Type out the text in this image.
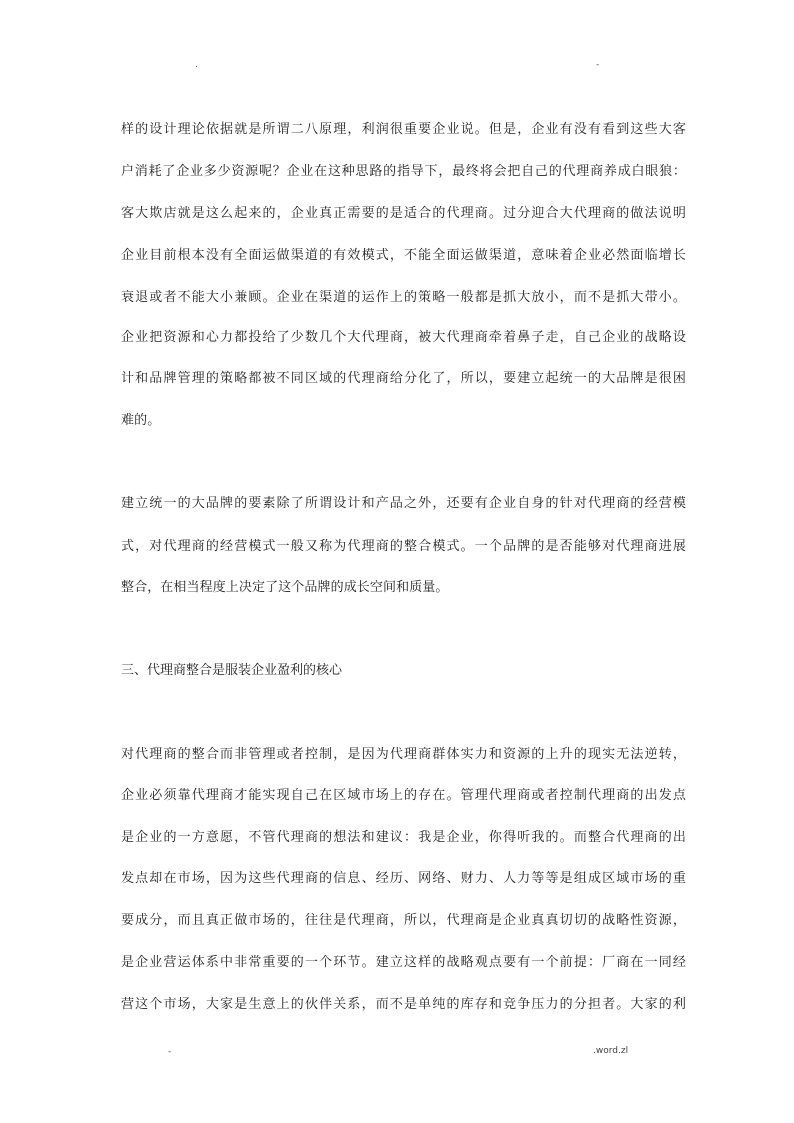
.	-
样的设计理论依据就是所谓二八原理，利润很重要企业说。但是，企业有没有看到这些大客
户消耗了企业多少资源呢？企业在这种思路的指导下，最终将会把自己的代理商养成白眼狼：
客大欺店就是这么起来的，企业真正需要的是适合的代理商。过分迎合大代理商的做法说明
企业目前根本没有全面运做渠道的有效模式，不能全面运做渠道，意味着企业必然面临增长
衰退或者不能大小兼顾。企业在渠道的运作上的策略一般都是抓大放小，而不是抓大带小。
企业把资源和心力都投给了少数几个大代理商，被大代理商牵着鼻子走，自己企业的战略设
计和品牌管理的策略都被不同区域的代理商给分化了，所以，要建立起统一的大品牌是很困
难的。
建立统一的大品牌的要素除了所谓设计和产品之外，还要有企业自身的针对代理商的经营模
式，对代理商的经营模式一般又称为代理商的整合模式。一个品牌的是否能够对代理商进展
整合，在相当程度上决定了这个品牌的成长空间和质量。
三、代理商整合是服装企业盈利的核心
对代理商的整合而非管理或者控制，是因为代理商群体实力和资源的上升的现实无法逆转，
企业必须靠代理商才能实现自己在区域市场上的存在。管理代理商或者控制代理商的出发点
是企业的一方意愿，不管代理商的想法和建议：我是企业，你得听我的。而整合代理商的出
发点却在市场，因为这些代理商的信息、经历、网络、财力、人力等等是组成区域市场的重
要成分，而且真正做市场的，往往是代理商，所以，代理商是企业真真切切的战略性资源，
是企业营运体系中非常重要的一个环节。建立这样的战略观点要有一个前提：厂商在一同经
营这个市场，大家是生意上的伙伴关系，而不是单纯的库存和竞争压力的分担者。大家的利
-	.word.zl
